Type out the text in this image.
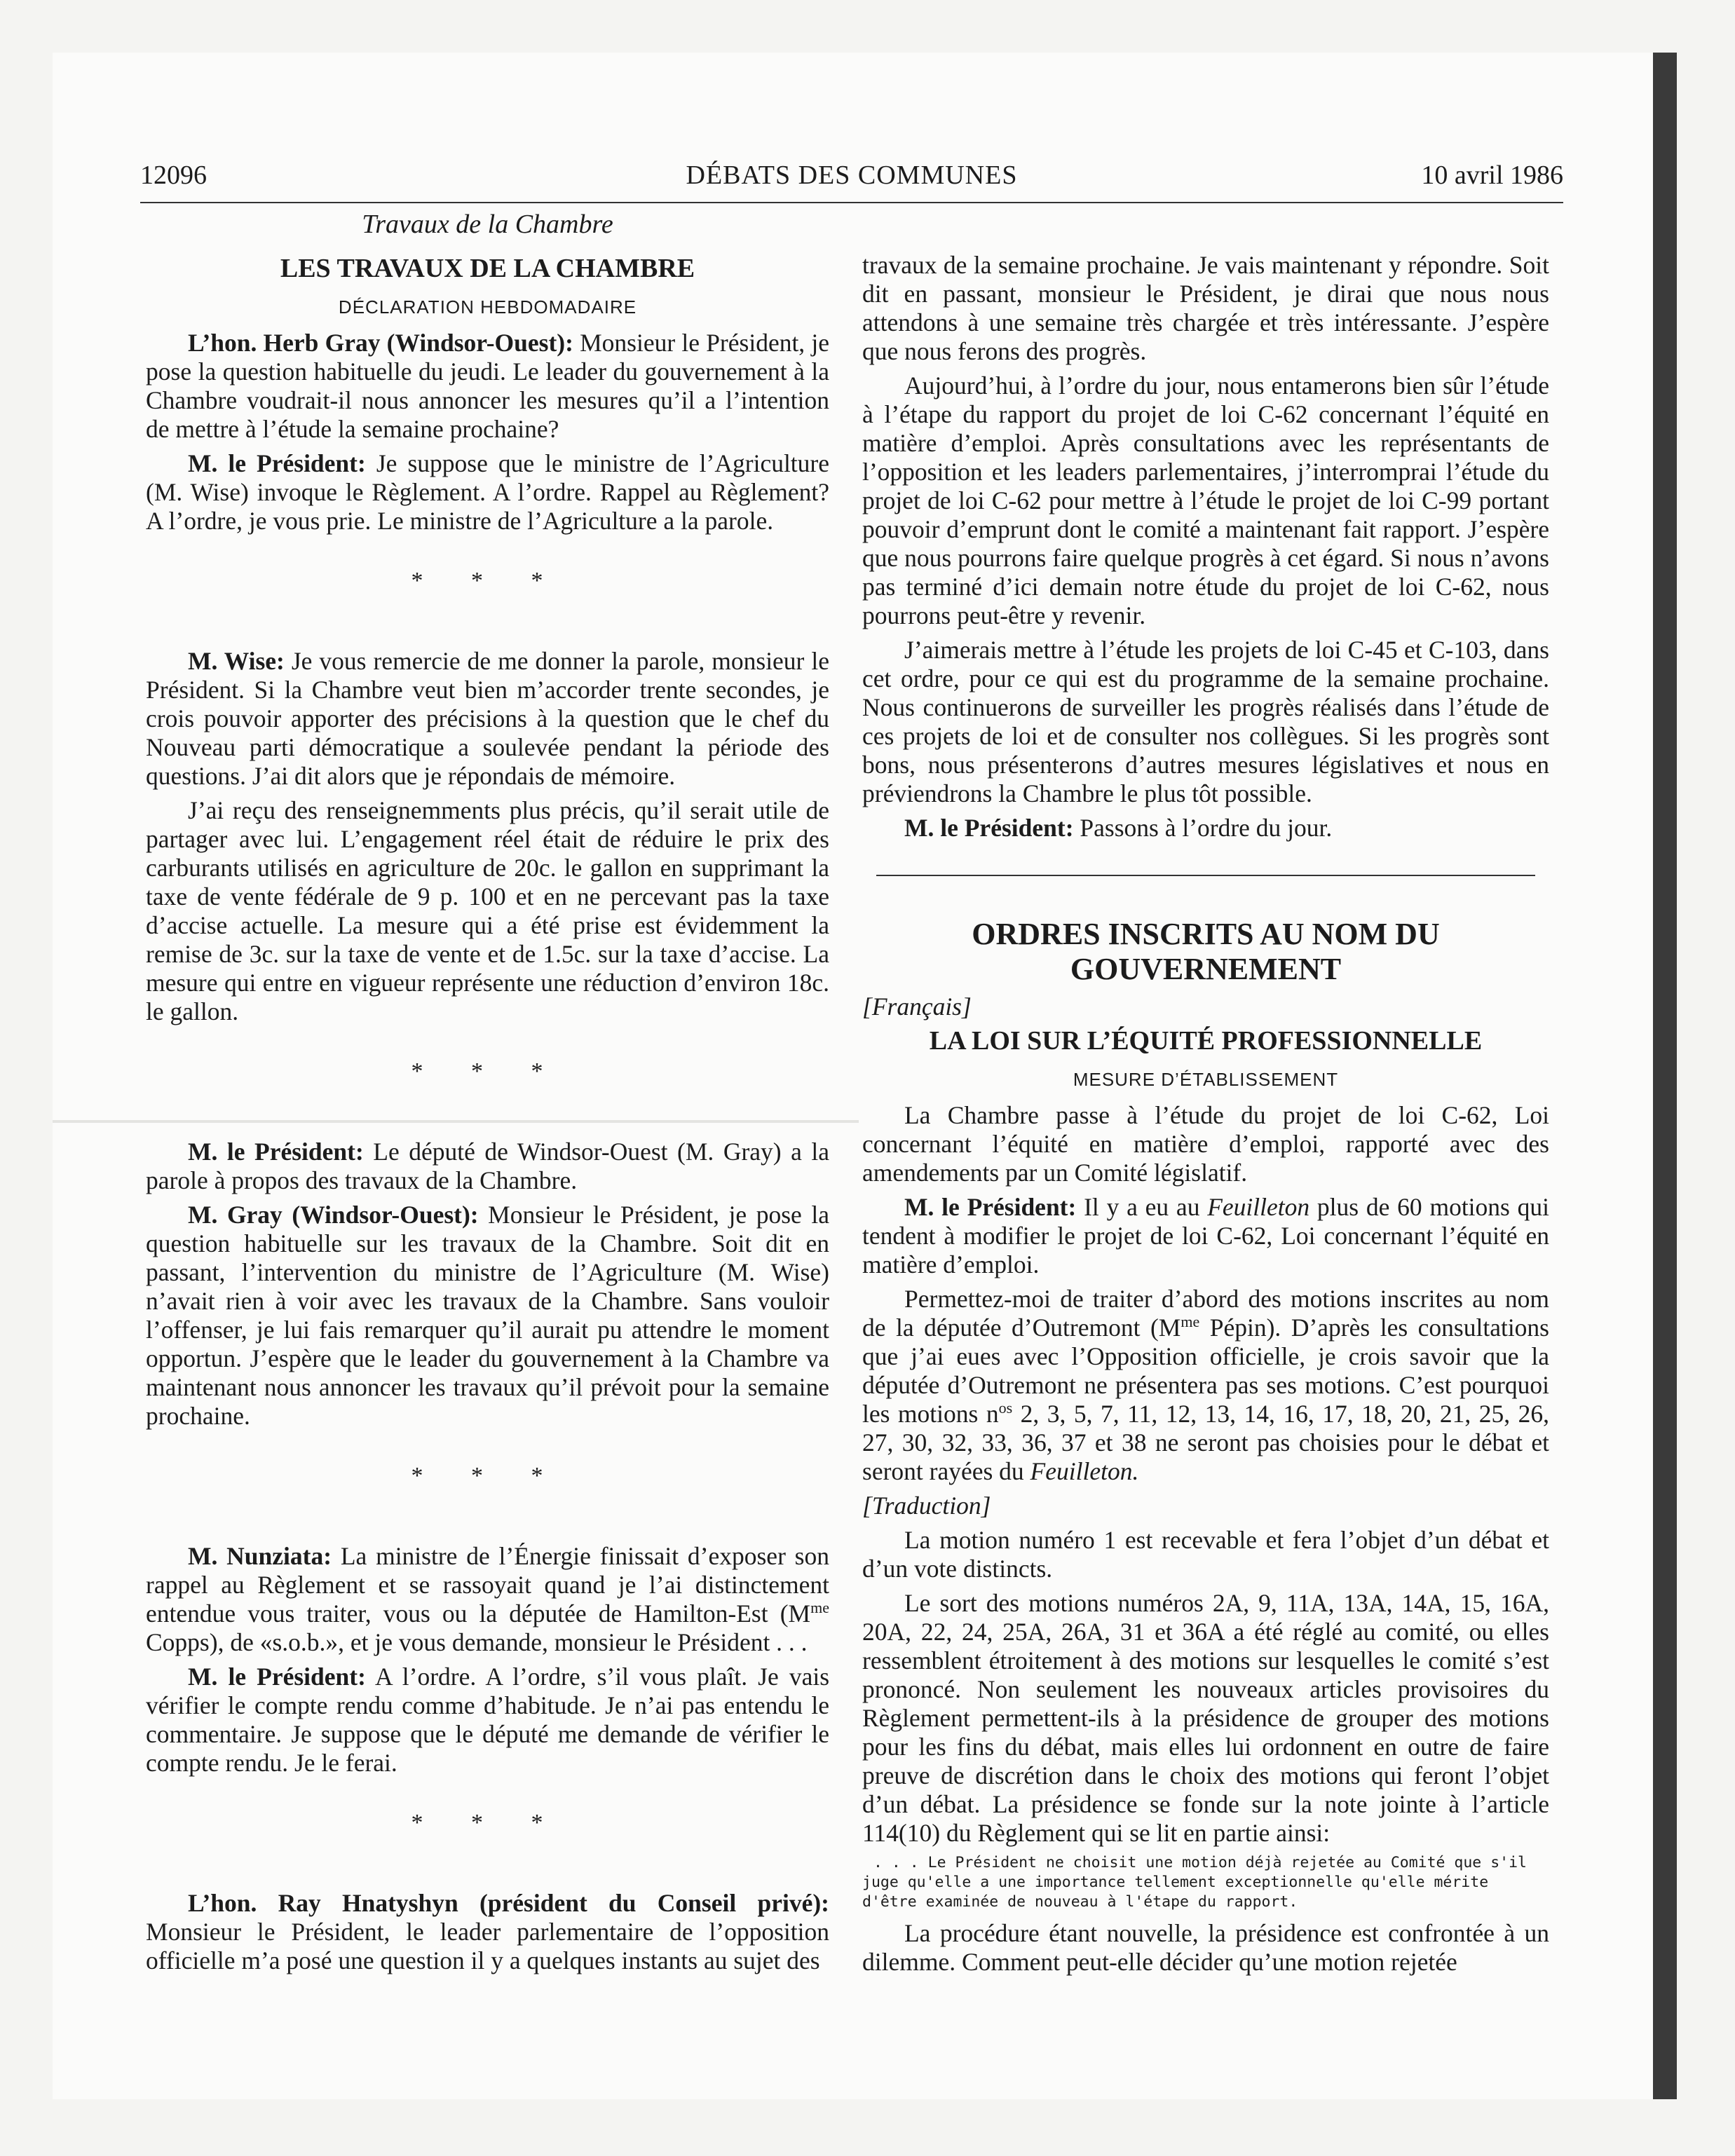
12096	DÉBATS DES COMMUNES	10 avril 1986
Travaux de la Chambre
LES TRAVAUX DE LA CHAMBRE
DÉCLARATION HEBDOMADAIRE

L’hon. Herb Gray (Windsor-Ouest): Monsieur le Président, je pose la question habituelle du jeudi. Le leader du gouvernement à la Chambre voudrait-il nous annoncer les mesures qu’il a l’intention de mettre à l’étude la semaine prochaine?

M. le Président: Je suppose que le ministre de l’Agriculture (M. Wise) invoque le Règlement. A l’ordre. Rappel au Règlement? A l’ordre, je vous prie. Le ministre de l’Agriculture a la parole.

* * *

M. Wise: Je vous remercie de me donner la parole, monsieur le Président. Si la Chambre veut bien m’accorder trente secondes, je crois pouvoir apporter des précisions à la question que le chef du Nouveau parti démocratique a soulevée pendant la période des questions. J’ai dit alors que je répondais de mémoire.

J’ai reçu des renseignemments plus précis, qu’il serait utile de partager avec lui. L’engagement réel était de réduire le prix des carburants utilisés en agriculture de 20c. le gallon en supprimant la taxe de vente fédérale de 9 p. 100 et en ne percevant pas la taxe d’accise actuelle. La mesure qui a été prise est évidemment la remise de 3c. sur la taxe de vente et de 1.5c. sur la taxe d’accise. La mesure qui entre en vigueur représente une réduction d’environ 18c. le gallon.

* * *

M. le Président: Le député de Windsor-Ouest (M. Gray) a la parole à propos des travaux de la Chambre.

M. Gray (Windsor-Ouest): Monsieur le Président, je pose la question habituelle sur les travaux de la Chambre. Soit dit en passant, l’intervention du ministre de l’Agriculture (M. Wise) n’avait rien à voir avec les travaux de la Chambre. Sans vouloir l’offenser, je lui fais remarquer qu’il aurait pu attendre le moment opportun. J’espère que le leader du gouvernement à la Chambre va maintenant nous annoncer les travaux qu’il prévoit pour la semaine prochaine.

* * *

M. Nunziata: La ministre de l’Énergie finissait d’exposer son rappel au Règlement et se rassoyait quand je l’ai distinctement entendue vous traiter, vous ou la députée de Hamilton-Est ($M^{me}$ Copps), de «s.o.b.», et je vous demande, monsieur le Président . . .

M. le Président: A l’ordre. A l’ordre, s’il vous plaît. Je vais vérifier le compte rendu comme d’habitude. Je n’ai pas entendu le commentaire. Je suppose que le député me demande de vérifier le compte rendu. Je le ferai.

* * *

L’hon. Ray Hnatyshyn (président du Conseil privé): Monsieur le Président, le leader parlementaire de l’opposition officielle m’a posé une question il y a quelques instants au sujet des

travaux de la semaine prochaine. Je vais maintenant y répondre. Soit dit en passant, monsieur le Président, je dirai que nous nous attendons à une semaine très chargée et très intéressante. J’espère que nous ferons des progrès.

Aujourd’hui, à l’ordre du jour, nous entamerons bien sûr l’étude à l’étape du rapport du projet de loi C-62 concernant l’équité en matière d’emploi. Après consultations avec les représentants de l’opposition et les leaders parlementaires, j’interromprai l’étude du projet de loi C-62 pour mettre à l’étude le projet de loi C-99 portant pouvoir d’emprunt dont le comité a maintenant fait rapport. J’espère que nous pourrons faire quelque progrès à cet égard. Si nous n’avons pas terminé d’ici demain notre étude du projet de loi C-62, nous pourrons peut-être y revenir.

J’aimerais mettre à l’étude les projets de loi C-45 et C-103, dans cet ordre, pour ce qui est du programme de la semaine prochaine. Nous continuerons de surveiller les progrès réalisés dans l’étude de ces projets de loi et de consulter nos collègues. Si les progrès sont bons, nous présenterons d’autres mesures législatives et nous en préviendrons la Chambre le plus tôt possible.

M. le Président: Passons à l’ordre du jour.

ORDRES INSCRITS AU NOM DU
GOUVERNEMENT

[Français]

LA LOI SUR L’ÉQUITÉ PROFESSIONNELLE
MESURE D’ÉTABLISSEMENT

La Chambre passe à l’étude du projet de loi C-62, Loi concernant l’équité en matière d’emploi, rapporté avec des amendements par un Comité législatif.

M. le Président: Il y a eu au Feuilleton plus de 60 motions qui tendent à modifier le projet de loi C-62, Loi concernant l’équité en matière d’emploi.

Permettez-moi de traiter d’abord des motions inscrites au nom de la députée d’Outremont ($M^{me}$ Pépin). D’après les consultations que j’ai eues avec l’Opposition officielle, je crois savoir que la députée d’Outremont ne présentera pas ses motions. C’est pourquoi les motions $n^{os}$ 2, 3, 5, 7, 11, 12, 13, 14, 16, 17, 18, 20, 21, 25, 26, 27, 30, 32, 33, 36, 37 et 38 ne seront pas choisies pour le débat et seront rayées du Feuilleton.

[Traduction]

La motion numéro 1 est recevable et fera l’objet d’un débat et d’un vote distincts.

Le sort des motions numéros 2A, 9, 11A, 13A, 14A, 15, 16A, 20A, 22, 24, 25A, 26A, 31 et 36A a été réglé au comité, ou elles ressemblent étroitement à des motions sur lesquelles le comité s’est prononcé. Non seulement les nouveaux articles provisoires du Règlement permettent-ils à la présidence de grouper des motions pour les fins du débat, mais elles lui ordonnent en outre de faire preuve de discrétion dans le choix des motions qui feront l’objet d’un débat. La présidence se fonde sur la note jointe à l’article 114(10) du Règlement qui se lit en partie ainsi:

. . . Le Président ne choisit une motion déjà rejetée au Comité que s'il juge qu'elle a une importance tellement exceptionnelle qu'elle mérite d'être examinée de nouveau à l'étape du rapport.

La procédure étant nouvelle, la présidence est confrontée à un dilemme. Comment peut-elle décider qu’une motion rejetée
